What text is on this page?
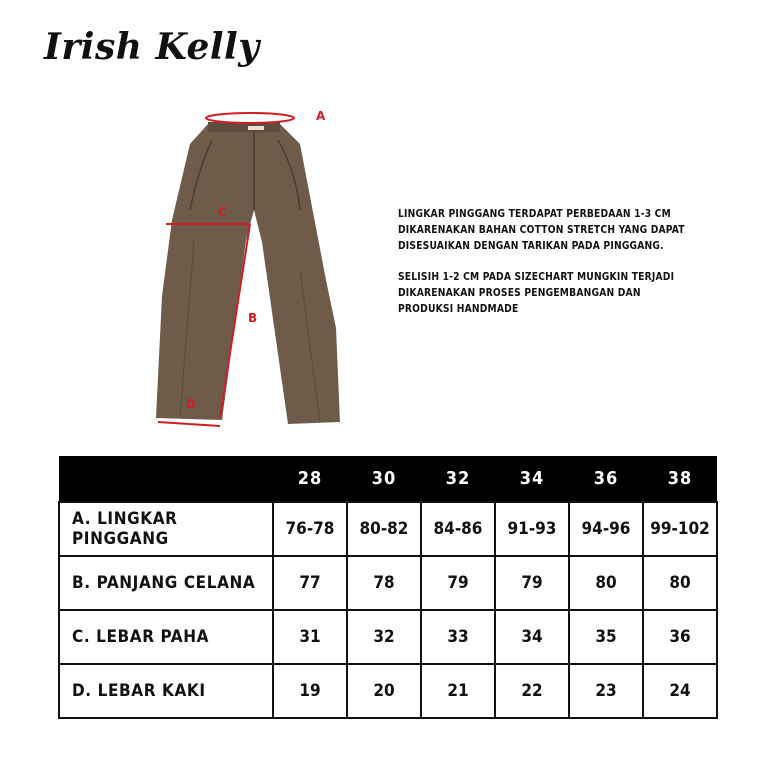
Irish Kelly
A
C
B
D

LINGKAR PINGGANG TERDAPAT PERBEDAAN 1-3 CM DIKARENAKAN BAHAN COTTON STRETCH YANG DAPAT DISESUAIKAN DENGAN TARIKAN PADA PINGGANG.

SELISIH 1-2 CM PADA SIZECHART MUNGKIN TERJADI DIKARENAKAN PROSES PENGEMBANGAN DAN PRODUKSI HANDMADE

	28	30	32	34	36	38
A. LINGKAR PINGGANG	76-78	80-82	84-86	91-93	94-96	99-102
B. PANJANG CELANA	77	78	79	79	80	80
C. LEBAR PAHA	31	32	33	34	35	36
D. LEBAR KAKI	19	20	21	22	23	24
